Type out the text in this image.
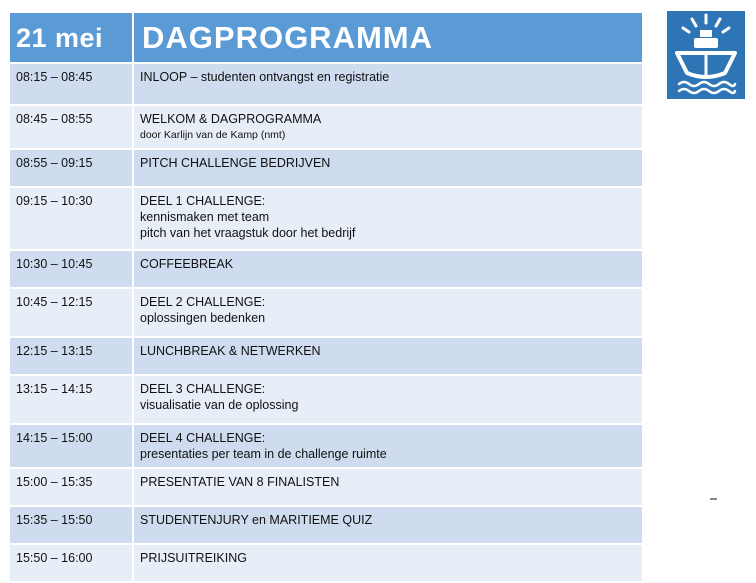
21 mei	DAGPROGRAMMA
08:15 – 08:45	INLOOP – studenten ontvangst en registratie

08:45 – 08:55	WELKOM & DAGPROGRAMMA
door Karlijn van de Kamp (nmt)

08:55 – 09:15	PITCH CHALLENGE BEDRIJVEN

09:15 – 10:30	DEEL 1 CHALLENGE:
kennismaken met team
pitch van het vraagstuk door het bedrijf

10:30 – 10:45	COFFEEBREAK

10:45 – 12:15	DEEL 2 CHALLENGE:
oplossingen bedenken

12:15 – 13:15	LUNCHBREAK & NETWERKEN

13:15 – 14:15	DEEL 3 CHALLENGE:
visualisatie van de oplossing

14:15 – 15:00	DEEL 4 CHALLENGE:
presentaties per team in de challenge ruimte

15:00 – 15:35	PRESENTATIE VAN 8 FINALISTEN

15:35 – 15:50	STUDENTENJURY en MARITIEME QUIZ

15:50 – 16:00	PRIJSUITREIKING
